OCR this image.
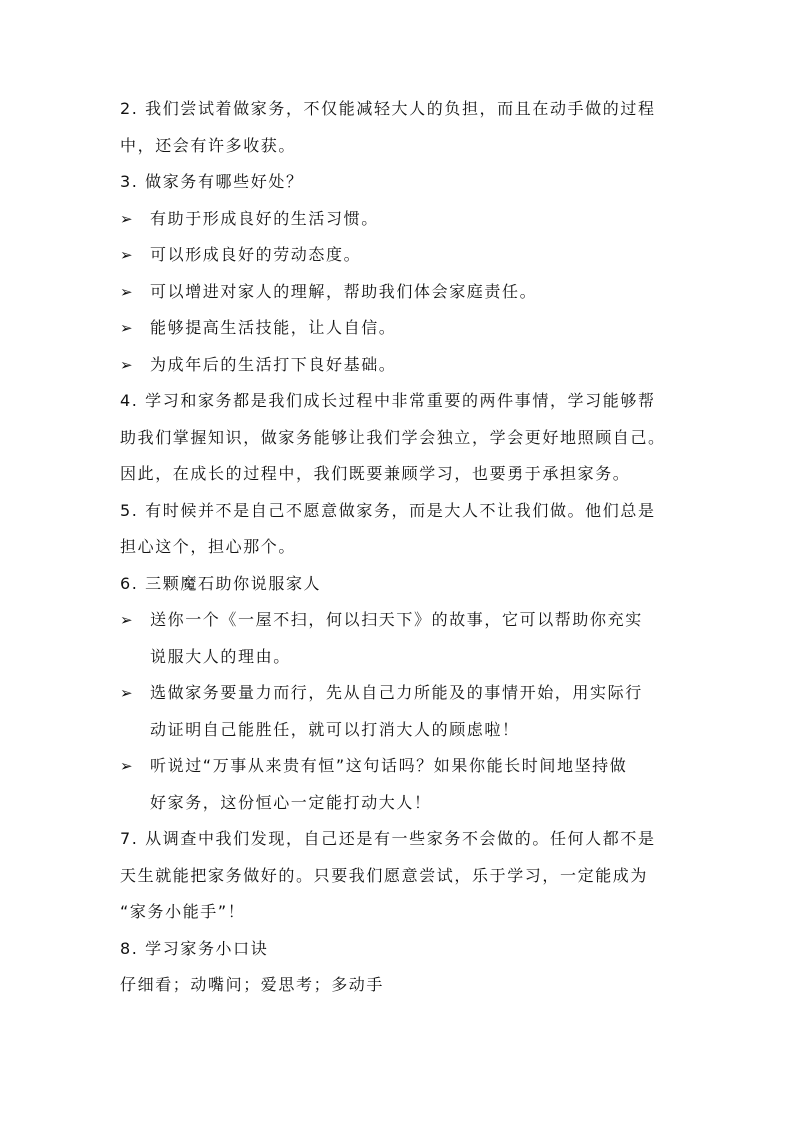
2. 我们尝试着做家务，不仅能减轻大人的负担，而且在动手做的过程
中，还会有许多收获。
3. 做家务有哪些好处？
➢	有助于形成良好的生活习惯。
➢	可以形成良好的劳动态度。
➢	可以增进对家人的理解，帮助我们体会家庭责任。
➢	能够提高生活技能，让人自信。
➢	为成年后的生活打下良好基础。
4. 学习和家务都是我们成长过程中非常重要的两件事情，学习能够帮
助我们掌握知识，做家务能够让我们学会独立，学会更好地照顾自己。
因此，在成长的过程中，我们既要兼顾学习，也要勇于承担家务。
5. 有时候并不是自己不愿意做家务，而是大人不让我们做。他们总是
担心这个，担心那个。
6. 三颗魔石助你说服家人
➢	送你一个《一屋不扫，何以扫天下》的故事，它可以帮助你充实
说服大人的理由。
➢	选做家务要量力而行，先从自己力所能及的事情开始，用实际行
动证明自己能胜任，就可以打消大人的顾虑啦！
➢	听说过“万事从来贵有恒”这句话吗？如果你能长时间地坚持做
好家务，这份恒心一定能打动大人！
7. 从调查中我们发现，自己还是有一些家务不会做的。任何人都不是
天生就能把家务做好的。只要我们愿意尝试，乐于学习，一定能成为
“家务小能手”！
8. 学习家务小口诀
仔细看；动嘴问；爱思考；多动手
